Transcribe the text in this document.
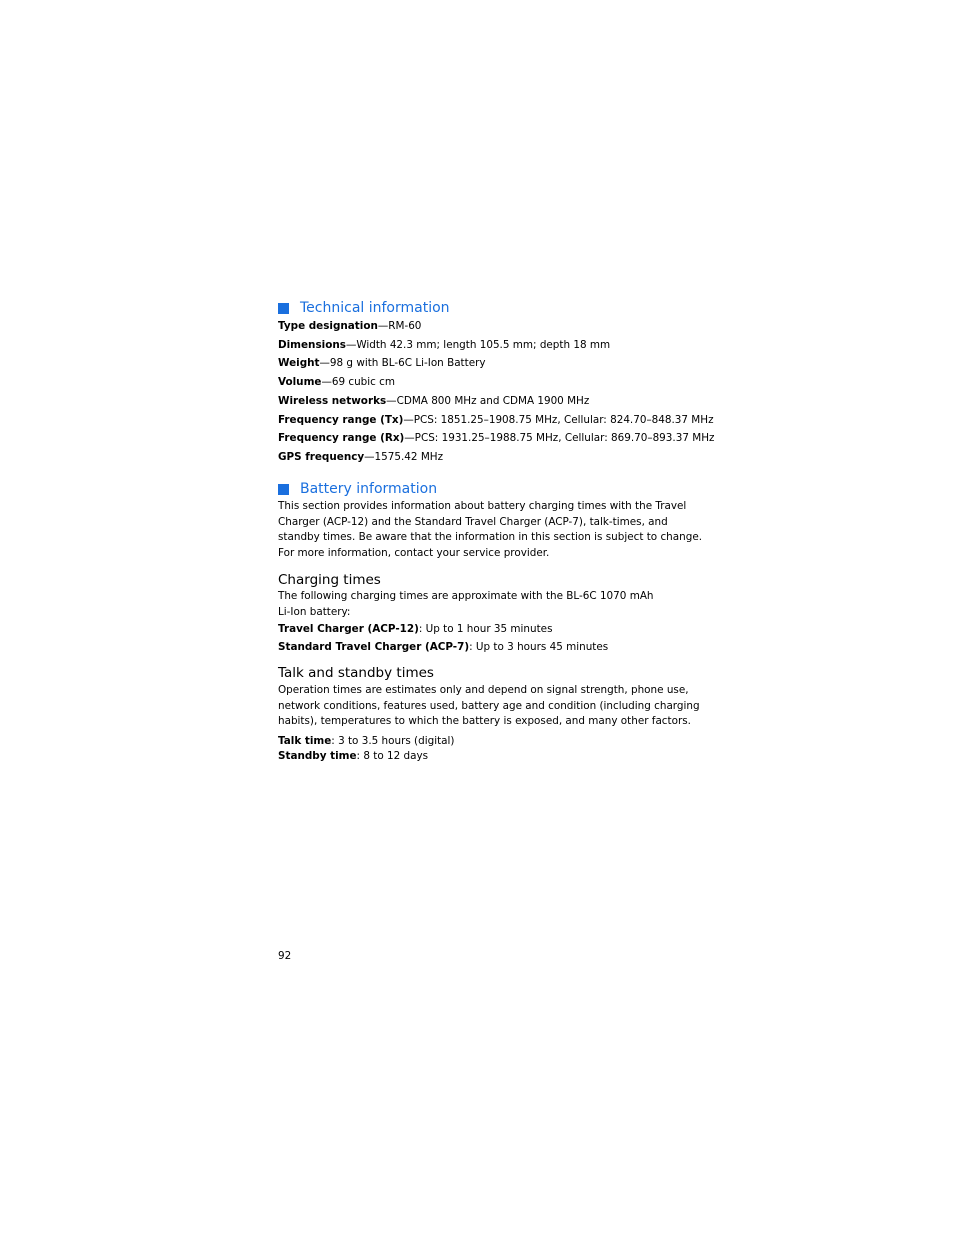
Technical information
Type designation—RM-60
Dimensions—Width 42.3 mm; length 105.5 mm; depth 18 mm
Weight—98 g with BL-6C Li-Ion Battery
Volume—69 cubic cm
Wireless networks—CDMA 800 MHz and CDMA 1900 MHz
Frequency range (Tx)—PCS: 1851.25–1908.75 MHz, Cellular: 824.70–848.37 MHz
Frequency range (Rx)—PCS: 1931.25–1988.75 MHz, Cellular: 869.70–893.37 MHz
GPS frequency—1575.42 MHz
Battery information
This section provides information about battery charging times with the Travel
Charger (ACP-12) and the Standard Travel Charger (ACP-7), talk-times, and
standby times. Be aware that the information in this section is subject to change.
For more information, contact your service provider.
Charging times
The following charging times are approximate with the BL-6C 1070 mAh
Li-Ion battery:
Travel Charger (ACP-12): Up to 1 hour 35 minutes
Standard Travel Charger (ACP-7): Up to 3 hours 45 minutes
Talk and standby times
Operation times are estimates only and depend on signal strength, phone use,
network conditions, features used, battery age and condition (including charging
habits), temperatures to which the battery is exposed, and many other factors.
Talk time: 3 to 3.5 hours (digital)
Standby time: 8 to 12 days
92
